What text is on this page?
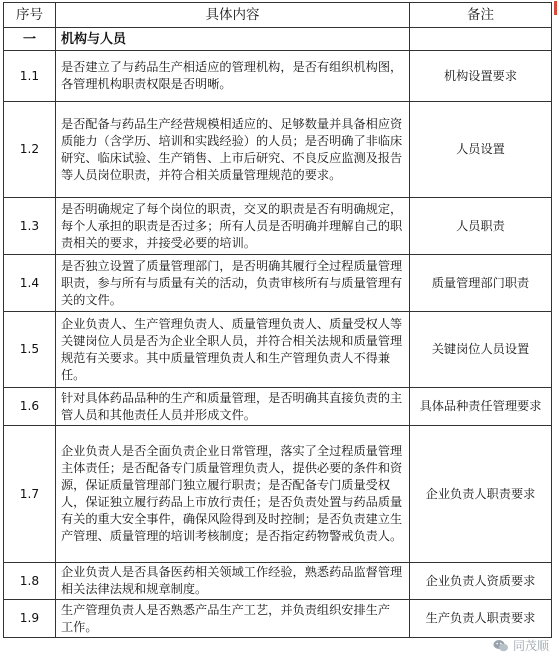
序号	具体内容	备注
一	机构与人员	
1.1	是否建立了与药品生产相适应的管理机构，是否有组织机构图，各管理机构职责权限是否明晰。	机构设置要求
1.2	是否配备与药品生产经营规模相适应的、足够数量并具备相应资质能力（含学历、培训和实践经验）的人员；是否明确了非临床研究、临床试验、生产销售、上市后研究、不良反应监测及报告等人员岗位职责，并符合相关质量管理规范的要求。	人员设置
1.3	是否明确规定了每个岗位的职责，交叉的职责是否有明确规定，每个人承担的职责是否过多；所有人员是否明确并理解自己的职责相关的要求，并接受必要的培训。	人员职责
1.4	是否独立设置了质量管理部门，是否明确其履行全过程质量管理职责，参与所有与质量有关的活动，负责审核所有与质量管理有关的文件。	质量管理部门职责
1.5	企业负责人、生产管理负责人、质量管理负责人、质量受权人等关键岗位人员是否为企业全职人员，并符合相关法规和质量管理规范有关要求。其中质量管理负责人和生产管理负责人不得兼任。	关键岗位人员设置
1.6	针对具体药品品种的生产和质量管理，是否明确其直接负责的主管人员和其他责任人员并形成文件。	具体品种责任管理要求
1.7	企业负责人是否全面负责企业日常管理，落实了全过程质量管理主体责任；是否配备专门质量管理负责人，提供必要的条件和资源，保证质量管理部门独立履行职责；是否配备专门质量受权人，保证独立履行药品上市放行责任；是否负责处置与药品质量有关的重大安全事件，确保风险得到及时控制；是否负责建立生产管理、质量管理的培训考核制度；是否指定药物警戒负责人。	企业负责人职责要求
1.8	企业负责人是否具备医药相关领域工作经验，熟悉药品监督管理相关法律法规和规章制度。	企业负责人资质要求
1.9	生产管理负责人是否熟悉产品生产工艺，并负责组织安排生产　工作。	生产负责人职责要求
同茂顺
